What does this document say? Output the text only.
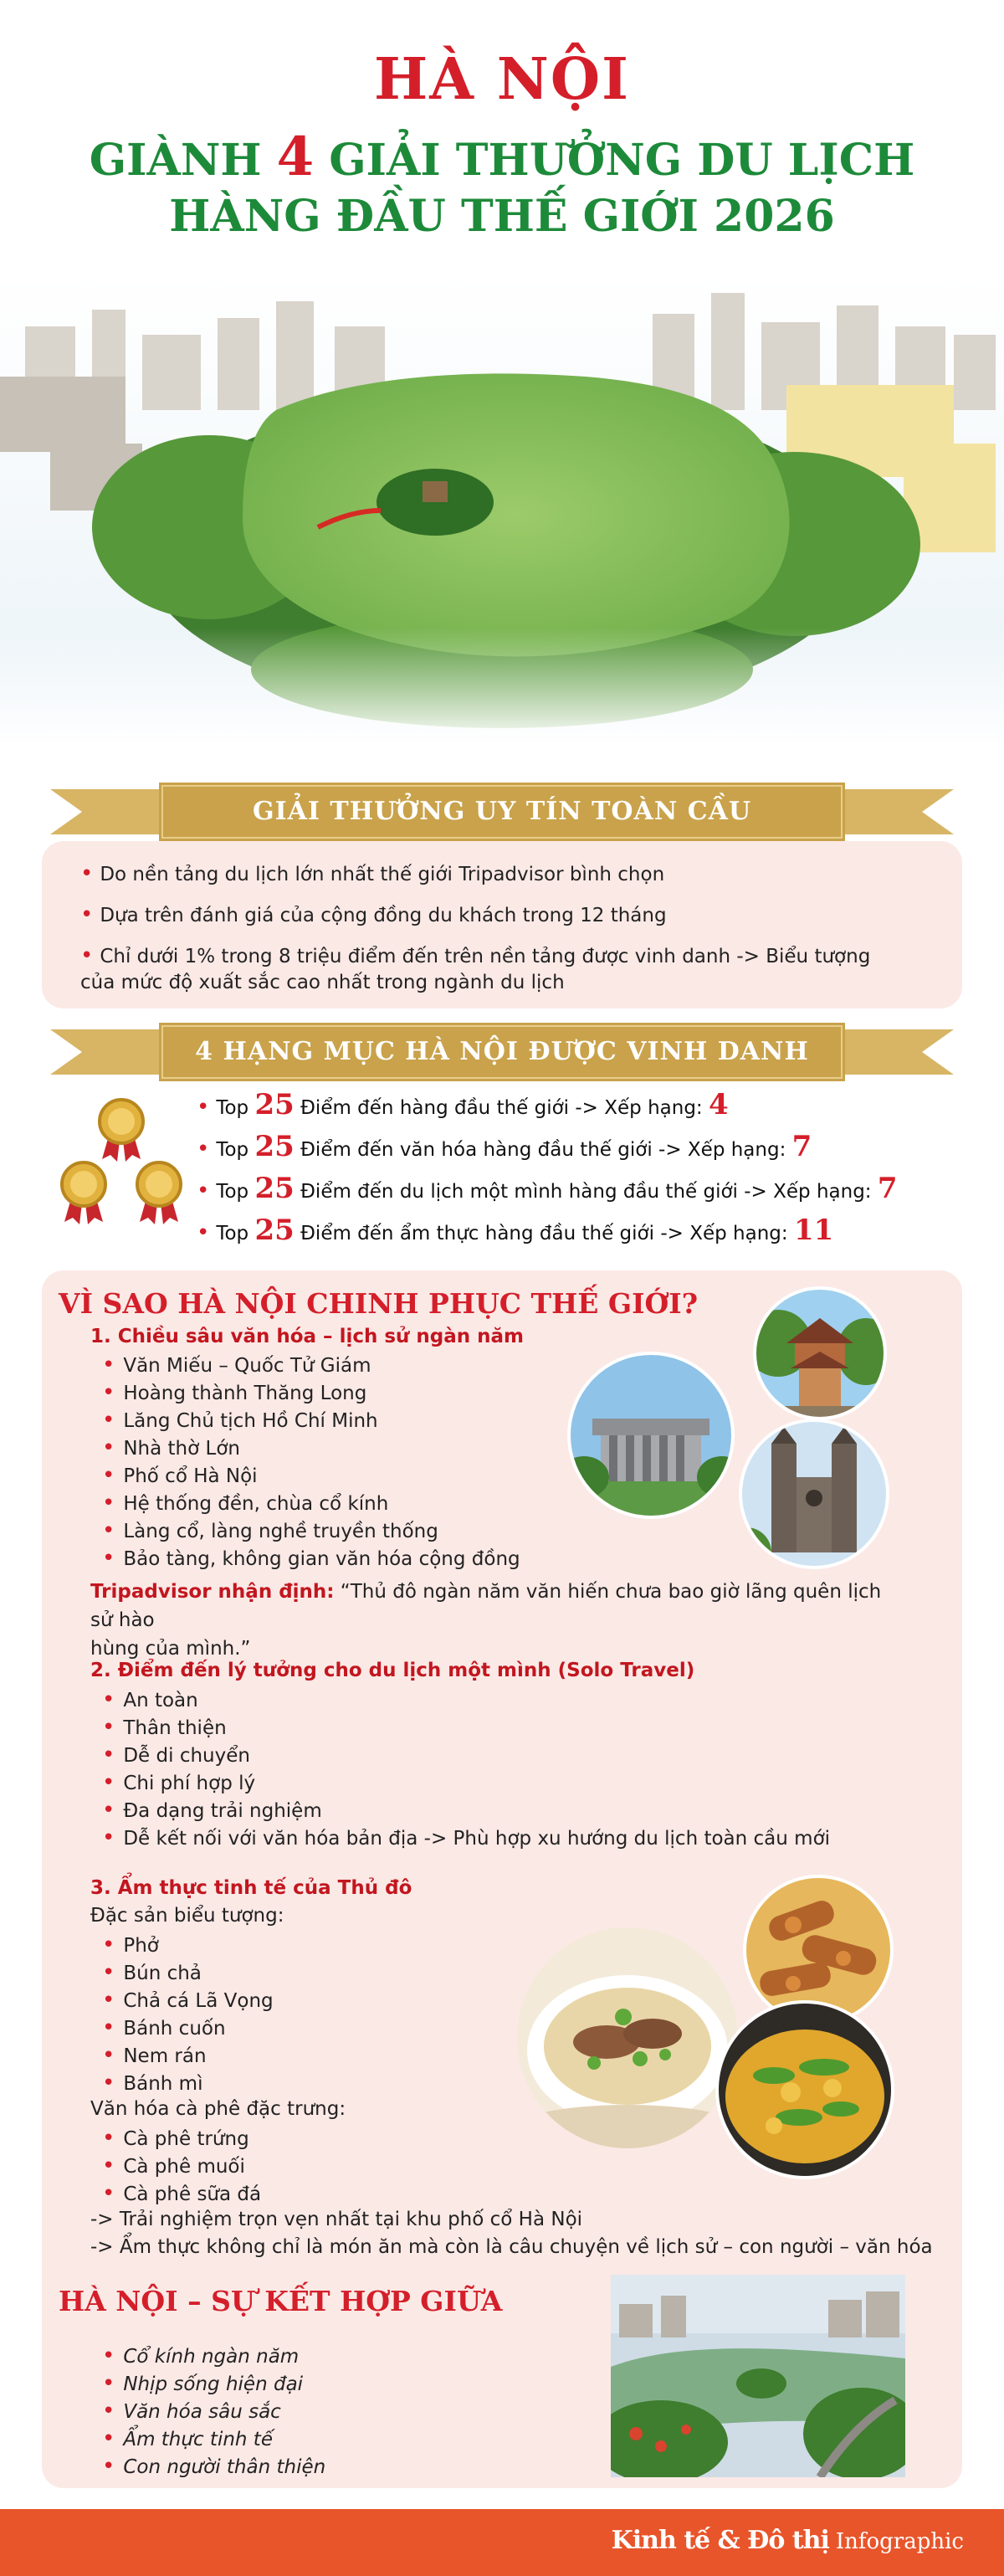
HÀ NỘI
GIÀNH 4 GIẢI THƯỞNG DU LỊCH
HÀNG ĐẦU THẾ GIỚI 2026
GIẢI THƯỞNG UY TÍN TOÀN CẦU
• Do nền tảng du lịch lớn nhất thế giới Tripadvisor bình chọn
• Dựa trên đánh giá của cộng đồng du khách trong 12 tháng
• Chỉ dưới 1% trong 8 triệu điểm đến trên nền tảng được vinh danh -> Biểu tượng
của mức độ xuất sắc cao nhất trong ngành du lịch
4 HẠNG MỤC HÀ NỘI ĐƯỢC VINH DANH
• Top 25 Điểm đến hàng đầu thế giới -> Xếp hạng: 4
• Top 25 Điểm đến văn hóa hàng đầu thế giới -> Xếp hạng: 7
• Top 25 Điểm đến du lịch một mình hàng đầu thế giới -> Xếp hạng: 7
• Top 25 Điểm đến ẩm thực hàng đầu thế giới -> Xếp hạng: 11
VÌ SAO HÀ NỘI CHINH PHỤC THẾ GIỚI?
1. Chiều sâu văn hóa – lịch sử ngàn năm
• Văn Miếu – Quốc Tử Giám
• Hoàng thành Thăng Long
• Lăng Chủ tịch Hồ Chí Minh
• Nhà thờ Lớn
• Phố cổ Hà Nội
• Hệ thống đền, chùa cổ kính
• Làng cổ, làng nghề truyền thống
• Bảo tàng, không gian văn hóa cộng đồng
Tripadvisor nhận định: “Thủ đô ngàn năm văn hiến chưa bao giờ lãng quên lịch sử hào
hùng của mình.”
2. Điểm đến lý tưởng cho du lịch một mình (Solo Travel)
• An toàn
• Thân thiện
• Dễ di chuyển
• Chi phí hợp lý
• Đa dạng trải nghiệm
• Dễ kết nối với văn hóa bản địa -> Phù hợp xu hướng du lịch toàn cầu mới
3. Ẩm thực tinh tế của Thủ đô
Đặc sản biểu tượng:
• Phở
• Bún chả
• Chả cá Lã Vọng
• Bánh cuốn
• Nem rán
• Bánh mì
Văn hóa cà phê đặc trưng:
• Cà phê trứng
• Cà phê muối
• Cà phê sữa đá
-> Trải nghiệm trọn vẹn nhất tại khu phố cổ Hà Nội
-> Ẩm thực không chỉ là món ăn mà còn là câu chuyện về lịch sử – con người – văn hóa
HÀ NỘI – SỰ KẾT HỢP GIỮA
• Cổ kính ngàn năm
• Nhịp sống hiện đại
• Văn hóa sâu sắc
• Ẩm thực tinh tế
• Con người thân thiện
Kinh tế & Đô thị Infographic
